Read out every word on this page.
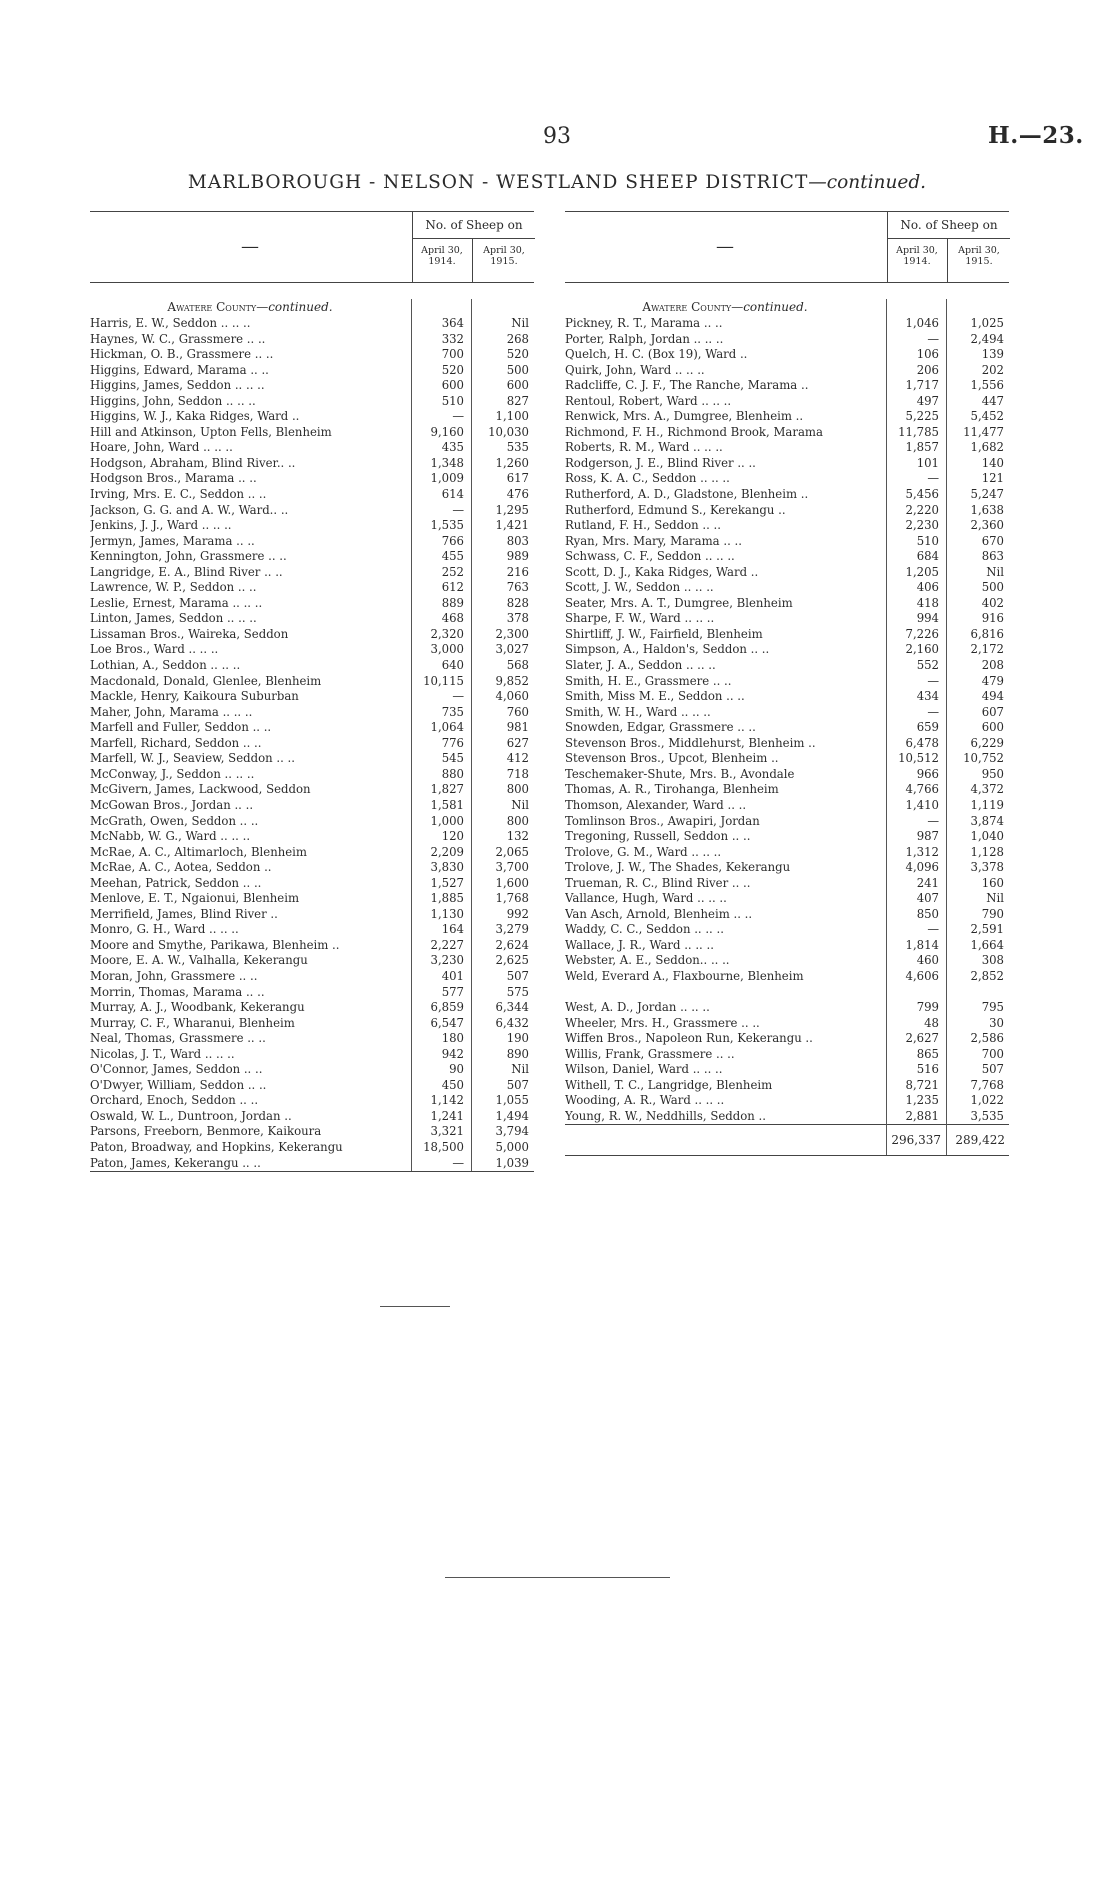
93	H.—23.
MARLBOROUGH - NELSON - WESTLAND SHEEP DISTRICT—continued.
—
No. of Sheep on
April 30,
1914.
April 30,
1915.
Awatere County—continued.
Harris, E. W., Seddon .. .. ..	364	Nil
Haynes, W. C., Grassmere .. ..	332	268
Hickman, O. B., Grassmere .. ..	700	520
Higgins, Edward, Marama .. ..	520	500
Higgins, James, Seddon .. .. ..	600	600
Higgins, John, Seddon .. .. ..	510	827
Higgins, W. J., Kaka Ridges, Ward ..	—	1,100
Hill and Atkinson, Upton Fells, Blenheim	9,160	10,030
Hoare, John, Ward .. .. ..	435	535
Hodgson, Abraham, Blind River.. ..	1,348	1,260
Hodgson Bros., Marama .. ..	1,009	617
Irving, Mrs. E. C., Seddon .. ..	614	476
Jackson, G. G. and A. W., Ward.. ..	—	1,295
Jenkins, J. J., Ward .. .. ..	1,535	1,421
Jermyn, James, Marama .. ..	766	803
Kennington, John, Grassmere .. ..	455	989
Langridge, E. A., Blind River .. ..	252	216
Lawrence, W. P., Seddon .. ..	612	763
Leslie, Ernest, Marama .. .. ..	889	828
Linton, James, Seddon .. .. ..	468	378
Lissaman Bros., Waireka, Seddon	2,320	2,300
Loe Bros., Ward .. .. ..	3,000	3,027
Lothian, A., Seddon .. .. ..	640	568
Macdonald, Donald, Glenlee, Blenheim	10,115	9,852
Mackle, Henry, Kaikoura Suburban	—	4,060
Maher, John, Marama .. .. ..	735	760
Marfell and Fuller, Seddon .. ..	1,064	981
Marfell, Richard, Seddon .. ..	776	627
Marfell, W. J., Seaview, Seddon .. ..	545	412
McConway, J., Seddon .. .. ..	880	718
McGivern, James, Lackwood, Seddon	1,827	800
McGowan Bros., Jordan .. ..	1,581	Nil
McGrath, Owen, Seddon .. ..	1,000	800
McNabb, W. G., Ward .. .. ..	120	132
McRae, A. C., Altimarloch, Blenheim	2,209	2,065
McRae, A. C., Aotea, Seddon ..	3,830	3,700
Meehan, Patrick, Seddon .. ..	1,527	1,600
Menlove, E. T., Ngaionui, Blenheim	1,885	1,768
Merrifield, James, Blind River ..	1,130	992
Monro, G. H., Ward .. .. ..	164	3,279
Moore and Smythe, Parikawa, Blenheim ..	2,227	2,624
Moore, E. A. W., Valhalla, Kekerangu	3,230	2,625
Moran, John, Grassmere .. ..	401	507
Morrin, Thomas, Marama .. ..	577	575
Murray, A. J., Woodbank, Kekerangu	6,859	6,344
Murray, C. F., Wharanui, Blenheim	6,547	6,432
Neal, Thomas, Grassmere .. ..	180	190
Nicolas, J. T., Ward .. .. ..	942	890
O'Connor, James, Seddon .. ..	90	Nil
O'Dwyer, William, Seddon .. ..	450	507
Orchard, Enoch, Seddon .. ..	1,142	1,055
Oswald, W. L., Duntroon, Jordan ..	1,241	1,494
Parsons, Freeborn, Benmore, Kaikoura	3,321	3,794
Paton, Broadway, and Hopkins, Kekerangu	18,500	5,000
Paton, James, Kekerangu .. ..	—	1,039
—
No. of Sheep on
April 30,
1914.
April 30,
1915.
Awatere County—continued.
Pickney, R. T., Marama .. ..	1,046	1,025
Porter, Ralph, Jordan .. .. ..	—	2,494
Quelch, H. C. (Box 19), Ward ..	106	139
Quirk, John, Ward .. .. ..	206	202
Radcliffe, C. J. F., The Ranche, Marama ..	1,717	1,556
Rentoul, Robert, Ward .. .. ..	497	447
Renwick, Mrs. A., Dumgree, Blenheim ..	5,225	5,452
Richmond, F. H., Richmond Brook, Marama	11,785	11,477
Roberts, R. M., Ward .. .. ..	1,857	1,682
Rodgerson, J. E., Blind River .. ..	101	140
Ross, K. A. C., Seddon .. .. ..	—	121
Rutherford, A. D., Gladstone, Blenheim ..	5,456	5,247
Rutherford, Edmund S., Kerekangu ..	2,220	1,638
Rutland, F. H., Seddon .. ..	2,230	2,360
Ryan, Mrs. Mary, Marama .. ..	510	670
Schwass, C. F., Seddon .. .. ..	684	863
Scott, D. J., Kaka Ridges, Ward ..	1,205	Nil
Scott, J. W., Seddon .. .. ..	406	500
Seater, Mrs. A. T., Dumgree, Blenheim	418	402
Sharpe, F. W., Ward .. .. ..	994	916
Shirtliff, J. W., Fairfield, Blenheim	7,226	6,816
Simpson, A., Haldon's, Seddon .. ..	2,160	2,172
Slater, J. A., Seddon .. .. ..	552	208
Smith, H. E., Grassmere .. ..	—	479
Smith, Miss M. E., Seddon .. ..	434	494
Smith, W. H., Ward .. .. ..	—	607
Snowden, Edgar, Grassmere .. ..	659	600
Stevenson Bros., Middlehurst, Blenheim ..	6,478	6,229
Stevenson Bros., Upcot, Blenheim ..	10,512	10,752
Teschemaker-Shute, Mrs. B., Avondale	966	950
Thomas, A. R., Tirohanga, Blenheim	4,766	4,372
Thomson, Alexander, Ward .. ..	1,410	1,119
Tomlinson Bros., Awapiri, Jordan	—	3,874
Tregoning, Russell, Seddon .. ..	987	1,040
Trolove, G. M., Ward .. .. ..	1,312	1,128
Trolove, J. W., The Shades, Kekerangu	4,096	3,378
Trueman, R. C., Blind River .. ..	241	160
Vallance, Hugh, Ward .. .. ..	407	Nil
Van Asch, Arnold, Blenheim .. ..	850	790
Waddy, C. C., Seddon .. .. ..	—	2,591
Wallace, J. R., Ward .. .. ..	1,814	1,664
Webster, A. E., Seddon.. .. ..	460	308
Weld, Everard A., Flaxbourne, Blenheim	4,606	2,852
West, A. D., Jordan .. .. ..	799	795
Wheeler, Mrs. H., Grassmere .. ..	48	30
Wiffen Bros., Napoleon Run, Kekerangu ..	2,627	2,586
Willis, Frank, Grassmere .. ..	865	700
Wilson, Daniel, Ward .. .. ..	516	507
Withell, T. C., Langridge, Blenheim	8,721	7,768
Wooding, A. R., Ward .. .. ..	1,235	1,022
Young, R. W., Neddhills, Seddon ..	2,881	3,535
296,337	289,422
